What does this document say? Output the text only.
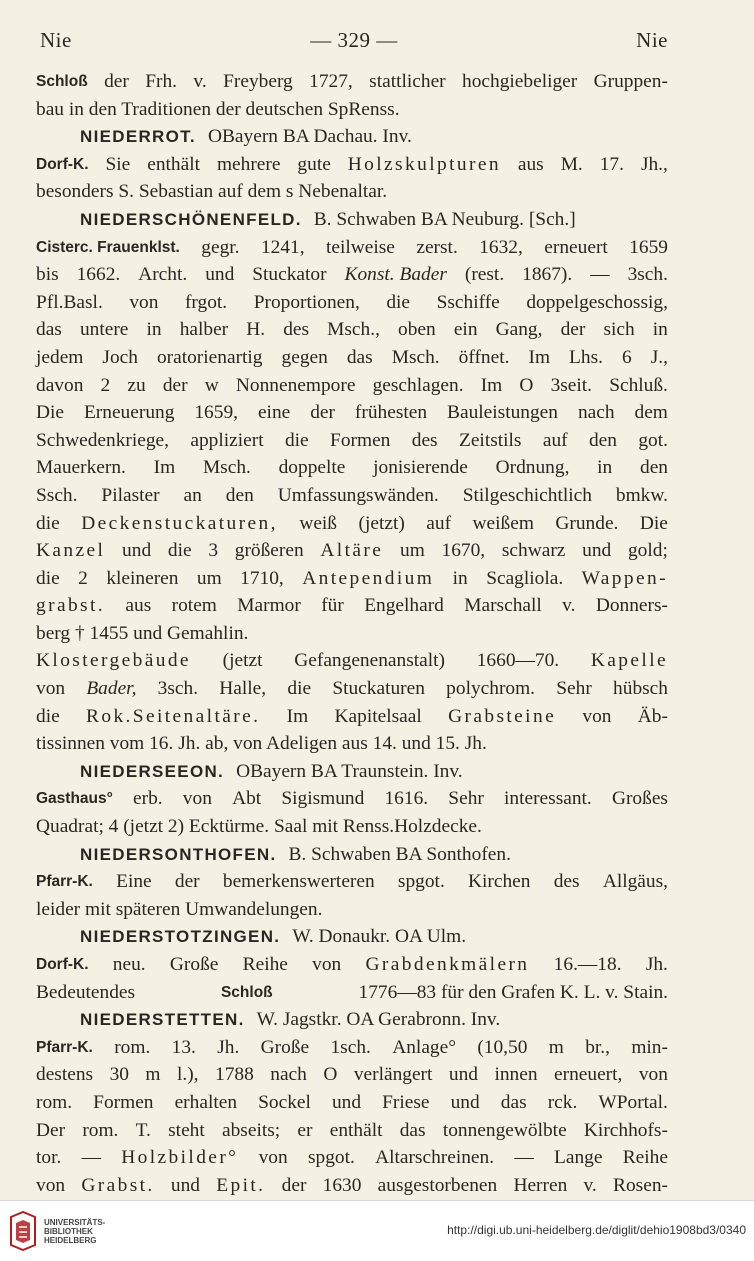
Nie	— 329 —	Nie
Schloß der Frh. v. Freyberg 1727, stattlicher hochgiebeliger Gruppen-
bau in den Traditionen der deutschen SpRenss.
NIEDERROT. OBayern BA Dachau. Inv.
Dorf-K. Sie enthält mehrere gute Holzskulpturen aus M. 17. Jh.,
besonders S. Sebastian auf dem s Nebenaltar.
NIEDERSCHÖNENFELD. B. Schwaben BA Neuburg. [Sch.]
Cisterc. Frauenklst. gegr. 1241, teilweise zerst. 1632, erneuert 1659
bis 1662. Archt. und Stuckator Konst. Bader (rest. 1867). — 3sch.
Pfl.Basl. von frgot. Proportionen, die Sschiffe doppelgeschossig,
das untere in halber H. des Msch., oben ein Gang, der sich in
jedem Joch oratorienartig gegen das Msch. öffnet. Im Lhs. 6 J.,
davon 2 zu der w Nonnenempore geschlagen. Im O 3seit. Schluß.
Die Erneuerung 1659, eine der frühesten Bauleistungen nach dem
Schwedenkriege, appliziert die Formen des Zeitstils auf den got.
Mauerkern. Im Msch. doppelte jonisierende Ordnung, in den
Ssch. Pilaster an den Umfassungswänden. Stilgeschichtlich bmkw.
die Deckenstuckaturen, weiß (jetzt) auf weißem Grunde. Die
Kanzel und die 3 größeren Altäre um 1670, schwarz und gold;
die 2 kleineren um 1710, Antependium in Scagliola. Wappen-
grabst. aus rotem Marmor für Engelhard Marschall v. Donners-
berg † 1455 und Gemahlin.
Klostergebäude (jetzt Gefangenenanstalt) 1660—70. Kapelle
von Bader, 3sch. Halle, die Stuckaturen polychrom. Sehr hübsch
die Rok.Seitenaltäre. Im Kapitelsaal Grabsteine von Äb-
tissinnen vom 16. Jh. ab, von Adeligen aus 14. und 15. Jh.
NIEDERSEEON. OBayern BA Traunstein. Inv.
Gasthaus° erb. von Abt Sigismund 1616. Sehr interessant. Großes
Quadrat; 4 (jetzt 2) Ecktürme. Saal mit Renss.Holzdecke.
NIEDERSONTHOFEN. B. Schwaben BA Sonthofen.
Pfarr-K. Eine der bemerkenswerteren spgot. Kirchen des Allgäus,
leider mit späteren Umwandelungen.
NIEDERSTOTZINGEN. W. Donaukr. OA Ulm.
Dorf-K. neu. Große Reihe von Grabdenkmälern 16.—18. Jh.
Bedeutendes	Schloß	1776—83 für den Grafen K. L. v. Stain.
NIEDERSTETTEN. W. Jagstkr. OA Gerabronn. Inv.
Pfarr-K. rom. 13. Jh. Große 1sch. Anlage° (10,50 m br., min-
destens 30 m l.), 1788 nach O verlängert und innen erneuert, von
rom. Formen erhalten Sockel und Friese und das rck. WPortal.
Der rom. T. steht abseits; er enthält das tonnengewölbte Kirchhofs-
tor. — Holzbilder° von spgot. Altarschreinen. — Lange Reihe
von Grabst. und Epit. der 1630 ausgestorbenen Herren v. Rosen-
UNIVERSITÄTS-
BIBLIOTHEK
HEIDELBERG
http://digi.ub.uni-heidelberg.de/diglit/dehio1908bd3/0340
